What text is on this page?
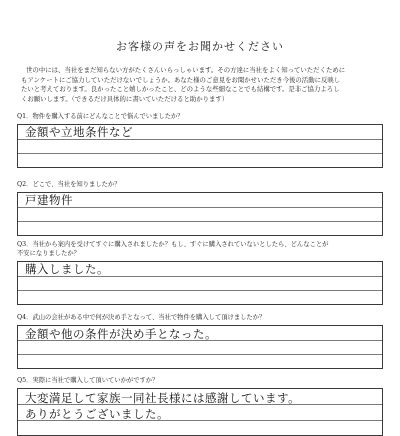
お客様の声をお聞かせください

世の中には、当社をまだ知らない方がたくさんいらっしゃいます。その方達に当社をよく知っていただくために

もアンケートにご協力していただけないでしょうか。あなた様のご意見をお聞かせいただき今後の活動に反映し

たいと考えております。良かったこと嬉しかったこと、どのような些細なことでも結構です。是非ご協力よろし

くお願いします。（できるだけ具体的に書いていただけると助かります）

Q1．物件を購入する前にどんなことで悩んでいましたか？
金額や立地条件など
Q2．どこで、当社を知りましたか？
戸建物件
Q3．当社から案内を受けてすぐに購入されましたか？もし、すぐに購入されていないとしたら、どんなことが
不安になりましたか？
購入しました。
Q4．武山の会社がある中で何が決め手となって、当社で物件を購入して頂けましたか？
金額や他の条件が決め手となった。
Q5．実際に当社で購入して頂いていかがですか？
大変満足して家族一同社長様には感謝しています。
ありがとうございました。
